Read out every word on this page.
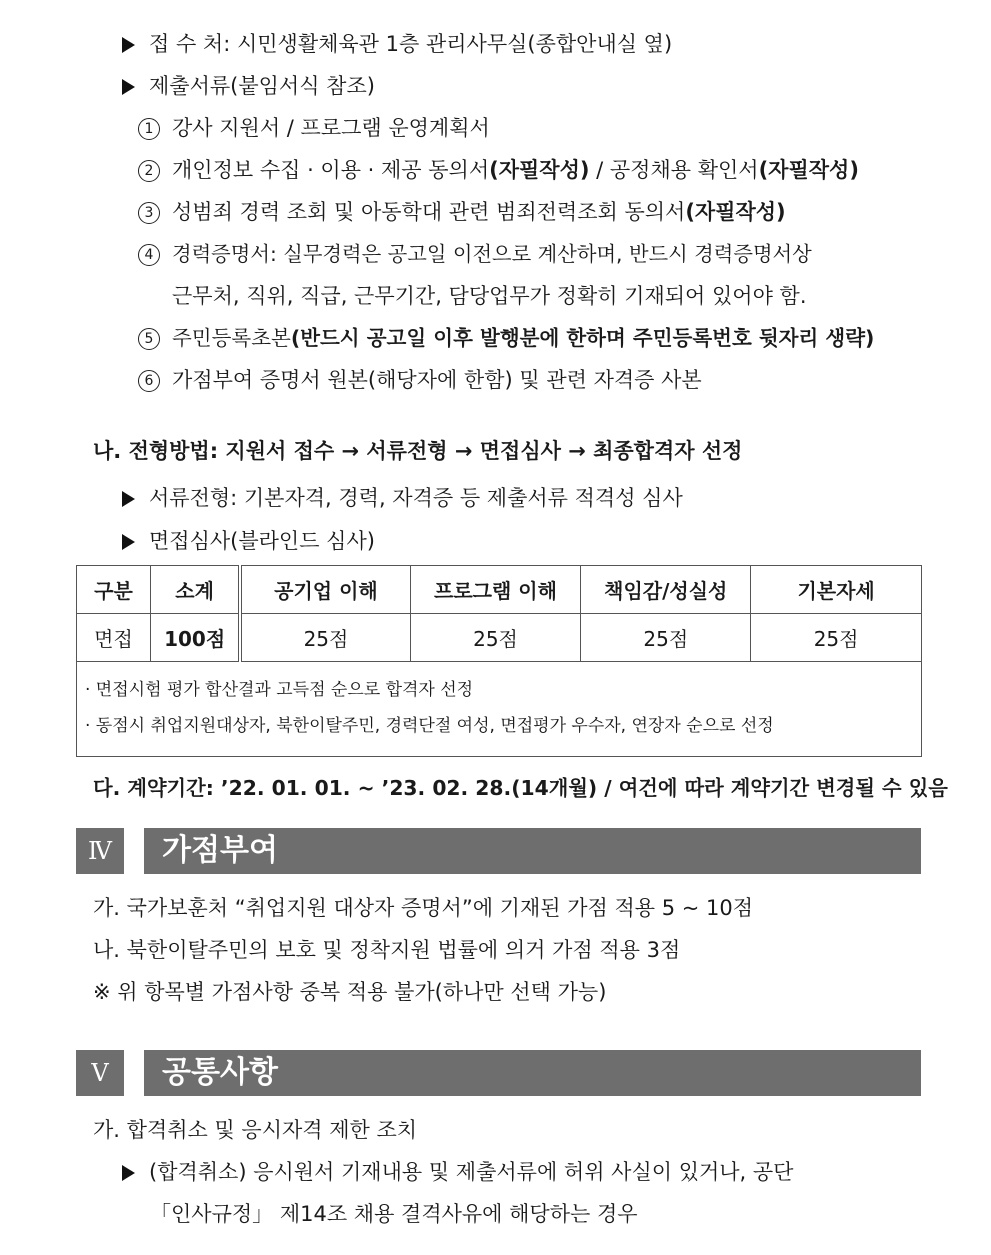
접 수 처: 시민생활체육관 1층 관리사무실(종합안내실 옆)
제출서류(붙임서식 참조)
1 강사 지원서 / 프로그램 운영계획서
2 개인정보 수집 · 이용 · 제공 동의서(자필작성) / 공정채용 확인서(자필작성)
3 성범죄 경력 조회 및 아동학대 관련 범죄전력조회 동의서(자필작성)
4 경력증명서: 실무경력은 공고일 이전으로 계산하며, 반드시 경력증명서상
근무처, 직위, 직급, 근무기간, 담당업무가 정확히 기재되어 있어야 함.
5 주민등록초본(반드시 공고일 이후 발행분에 한하며 주민등록번호 뒷자리 생략)
6 가점부여 증명서 원본(해당자에 한함) 및 관련 자격증 사본
나. 전형방법: 지원서 접수 → 서류전형 → 면접심사 → 최종합격자 선정
서류전형: 기본자격, 경력, 자격증 등 제출서류 적격성 심사
면접심사(블라인드 심사)
구분	소계	공기업 이해	프로그램 이해	책임감/성실성	기본자세
면접	100점	25점	25점	25점	25점

· 면접시험 평가 합산결과 고득점 순으로 합격자 선정
· 동점시 취업지원대상자, 북한이탈주민, 경력단절 여성, 면접평가 우수자, 연장자 순으로 선정					
다. 계약기간: ’22. 01. 01. ~ ’23. 02. 28.(14개월) / 여건에 따라 계약기간 변경될 수 있음
Ⅳ	가점부여
가. 국가보훈처 “취업지원 대상자 증명서”에 기재된 가점 적용 5 ~ 10점
나. 북한이탈주민의 보호 및 정착지원 법률에 의거 가점 적용 3점
※ 위 항목별 가점사항 중복 적용 불가(하나만 선택 가능)
Ⅴ	공통사항
가. 합격취소 및 응시자격 제한 조치
(합격취소) 응시원서 기재내용 및 제출서류에 허위 사실이 있거나, 공단
「인사규정」 제14조 채용 결격사유에 해당하는 경우
